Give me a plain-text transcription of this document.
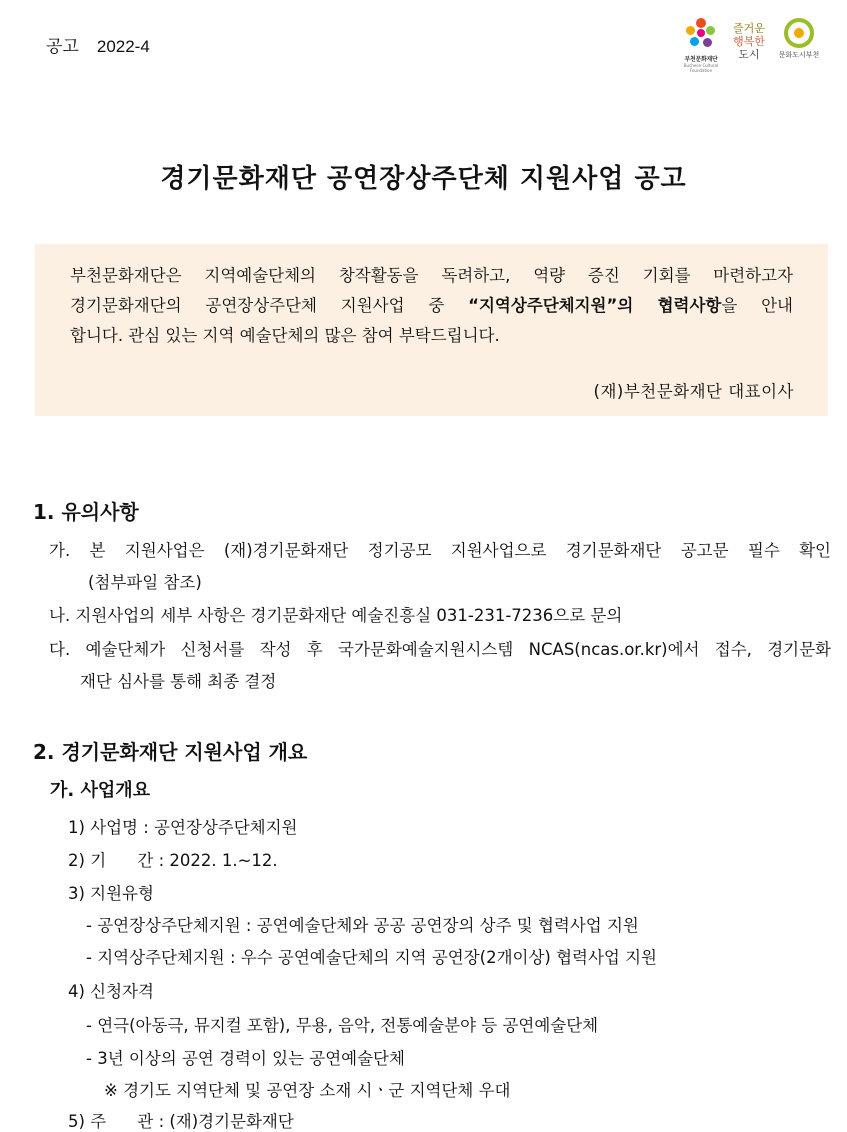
공고 2022-4
부천문화재단
Bucheon Cultural Foundation
즐거운
행복한
도시	문화도시부천
경기문화재단 공연장상주단체 지원사업 공고
부천문화재단은 지역예술단체의 창작활동을 독려하고, 역량 증진 기회를 마련하고자
경기문화재단의 공연장상주단체 지원사업 중 “지역상주단체지원”의 협력사항을 안내
합니다. 관심 있는 지역 예술단체의 많은 참여 부탁드립니다.
(재)부천문화재단 대표이사
1. 유의사항
가. 본 지원사업은 (재)경기문화재단 정기공모 지원사업으로 경기문화재단 공고문 필수 확인
(첨부파일 참조)
나. 지원사업의 세부 사항은 경기문화재단 예술진흥실 031-231-7236으로 문의
다. 예술단체가 신청서를 작성 후 국가문화예술지원시스템 NCAS(ncas.or.kr)에서 접수, 경기문화
재단 심사를 통해 최종 결정
2. 경기문화재단 지원사업 개요
가. 사업개요
1) 사업명 : 공연장상주단체지원
2) 기 간 : 2022. 1.~12.
3) 지원유형
- 공연장상주단체지원 : 공연예술단체와 공공 공연장의 상주 및 협력사업 지원
- 지역상주단체지원 : 우수 공연예술단체의 지역 공연장(2개이상) 협력사업 지원
4) 신청자격
- 연극(아동극, 뮤지컬 포함), 무용, 음악, 전통예술분야 등 공연예술단체
- 3년 이상의 공연 경력이 있는 공연예술단체
※ 경기도 지역단체 및 공연장 소재 시ㆍ군 지역단체 우대
5) 주 관 : (재)경기문화재단
